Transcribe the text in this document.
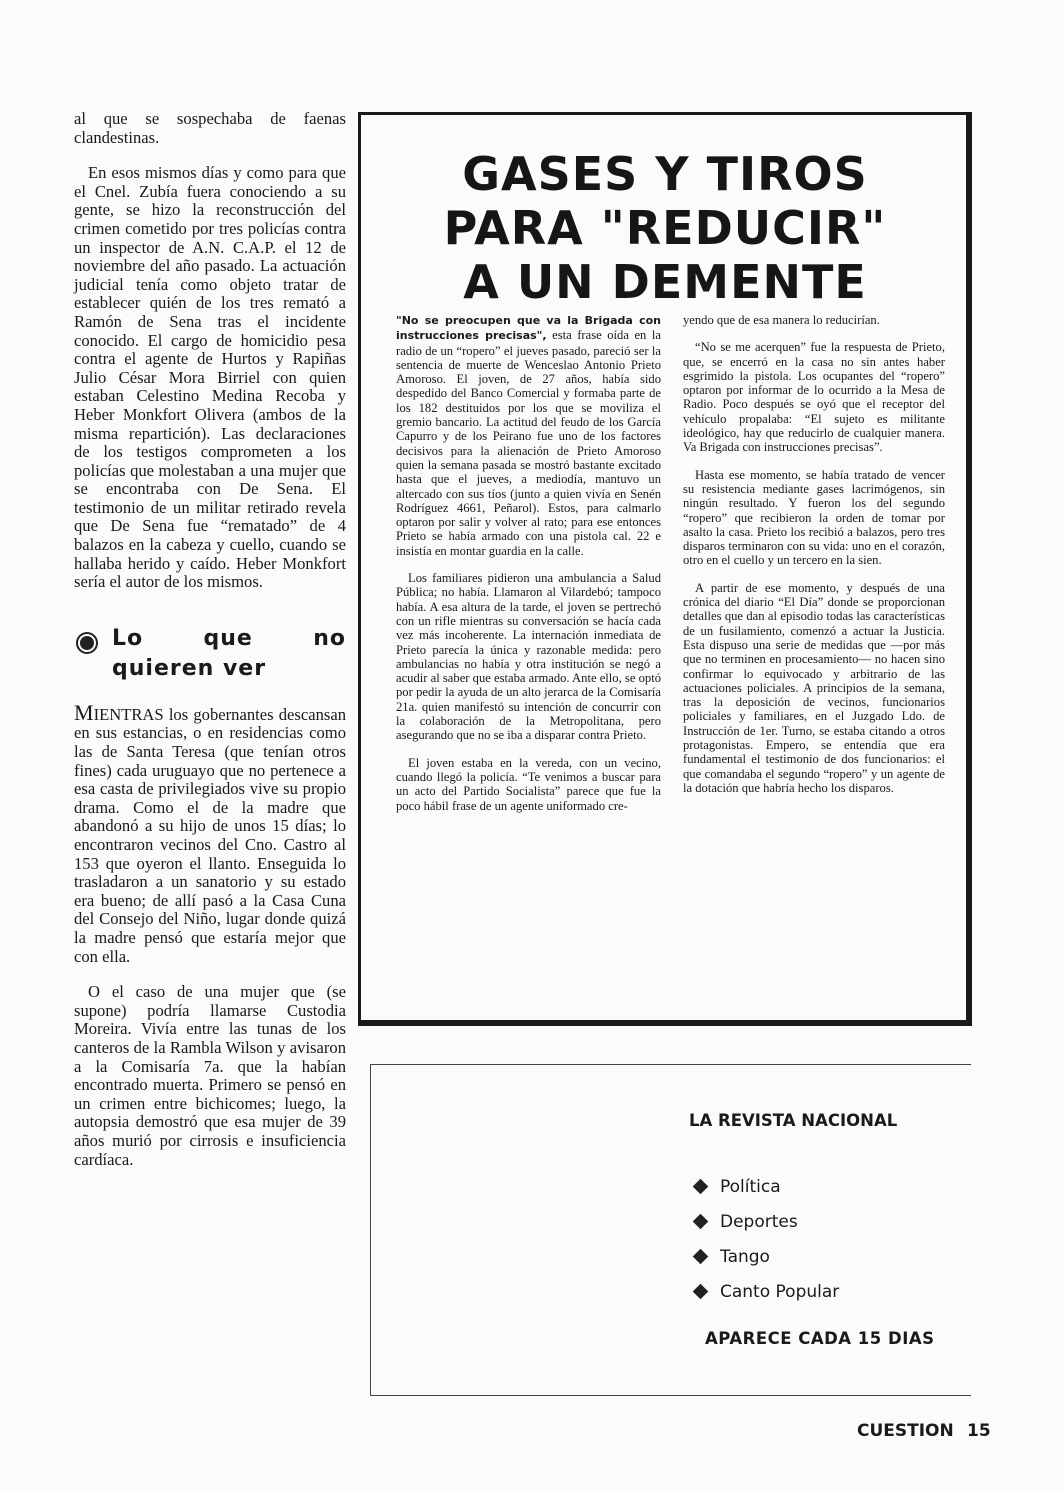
al que se sospechaba de faenas clandestinas.

En esos mismos días y como para que el Cnel. Zubía fuera conociendo a su gente, se hizo la reconstrucción del crimen cometido por tres policías contra un inspector de A.N. C.A.P. el 12 de noviembre del año pasado. La actuación judicial tenía como objeto tratar de establecer quién de los tres remató a Ramón de Sena tras el incidente conocido. El cargo de homicidio pesa contra el agente de Hurtos y Rapiñas Julio César Mora Birriel con quien estaban Celestino Medina Recoba y Heber Monkfort Olivera (ambos de la misma repartición). Las declaraciones de los testigos comprometen a los policías que molestaban a una mujer que se encontraba con De Sena. El testimonio de un militar retirado revela que De Sena fue “rematado” de 4 balazos en la cabeza y cuello, cuando se hallaba herido y caído. Heber Monkfort sería el autor de los mismos.

Lo que no quieren ver

MIENTRAS los gobernantes descansan en sus estancias, o en residencias como las de Santa Teresa (que tenían otros fines) cada uruguayo que no pertenece a esa casta de privilegiados vive su propio drama. Como el de la madre que abandonó a su hijo de unos 15 días; lo encontraron vecinos del Cno. Castro al 153 que oyeron el llanto. Enseguida lo trasladaron a un sanatorio y su estado era bueno; de allí pasó a la Casa Cuna del Consejo del Niño, lugar donde quizá la madre pensó que estaría mejor que con ella.

O el caso de una mujer que (se supone) podría llamarse Custodia Moreira. Vivía entre las tunas de los canteros de la Rambla Wilson y avisaron a la Comisaría 7a. que la habían encontrado muerta. Primero se pensó en un crimen entre bichicomes; luego, la autopsia demostró que esa mujer de 39 años murió por cirrosis e insuficiencia cardíaca.

GASES Y TIROS
PARA "REDUCIR"
A UN DEMENTE

"No se preocupen que va la Brigada con instrucciones precisas", esta frase oída en la radio de un “ropero” el jueves pasado, pareció ser la sentencia de muerte de Wenceslao Antonio Prieto Amoroso. El joven, de 27 años, había sido despedido del Banco Comercial y formaba parte de los 182 destituidos por los que se moviliza el gremio bancario. La actitud del feudo de los García Capurro y de los Peirano fue uno de los factores decisivos para la alienación de Prieto Amoroso quien la semana pasada se mostró bastante excitado hasta que el jueves, a mediodía, mantuvo un altercado con sus tíos (junto a quien vivía en Senén Rodríguez 4661, Peñarol). Estos, para calmarlo optaron por salir y volver al rato; para ese entonces Prieto se había armado con una pistola cal. 22 e insistía en montar guardia en la calle.

Los familiares pidieron una ambulancia a Salud Pública; no había. Llamaron al Vilardebó; tampoco había. A esa altura de la tarde, el joven se pertrechó con un rifle mientras su conversación se hacía cada vez más incoherente. La internación inmediata de Prieto parecía la única y razonable medida: pero ambulancias no había y otra institución se negó a acudir al saber que estaba armado. Ante ello, se optó por pedir la ayuda de un alto jerarca de la Comisaría 21a. quien manifestó su intención de concurrir con la colaboración de la Metropolitana, pero asegurando que no se iba a disparar contra Prieto.

El joven estaba en la vereda, con un vecino, cuando llegó la policía. “Te venimos a buscar para un acto del Partido Socialista” parece que fue la poco hábil frase de un agente uniformado cre-

yendo que de esa manera lo reducirían.

“No se me acerquen” fue la respuesta de Prieto, que, se encerró en la casa no sin antes haber esgrimido la pistola. Los ocupantes del “ropero” optaron por informar de lo ocurrido a la Mesa de Radio. Poco después se oyó que el receptor del vehículo propalaba: “El sujeto es militante ideológico, hay que reducirlo de cualquier manera. Va Brigada con instrucciones precisas”.

Hasta ese momento, se había tratado de vencer su resistencia mediante gases lacrimógenos, sin ningún resultado. Y fueron los del segundo “ropero” que recibieron la orden de tomar por asalto la casa. Prieto los recibió a balazos, pero tres disparos terminaron con su vida: uno en el corazón, otro en el cuello y un tercero en la sien.

A partir de ese momento, y después de una crónica del diario “El Día” donde se proporcionan detalles que dan al episodio todas las características de un fusilamiento, comenzó a actuar la Justicia. Esta dispuso una serie de medidas que —por más que no terminen en procesamiento— no hacen sino confirmar lo equivocado y arbitrario de las actuaciones policiales. A principios de la semana, tras la deposición de vecinos, funcionarios policiales y familiares, en el Juzgado Ldo. de Instrucción de 1er. Turno, se estaba citando a otros protagonistas. Empero, se entendía que era fundamental el testimonio de dos funcionarios: el que comandaba el segundo “ropero” y un agente de la dotación que habría hecho los disparos.

LA REVISTA NACIONAL
Política
Deportes
Tango
Canto Popular
APARECE CADA 15 DIAS
CUESTION 15
